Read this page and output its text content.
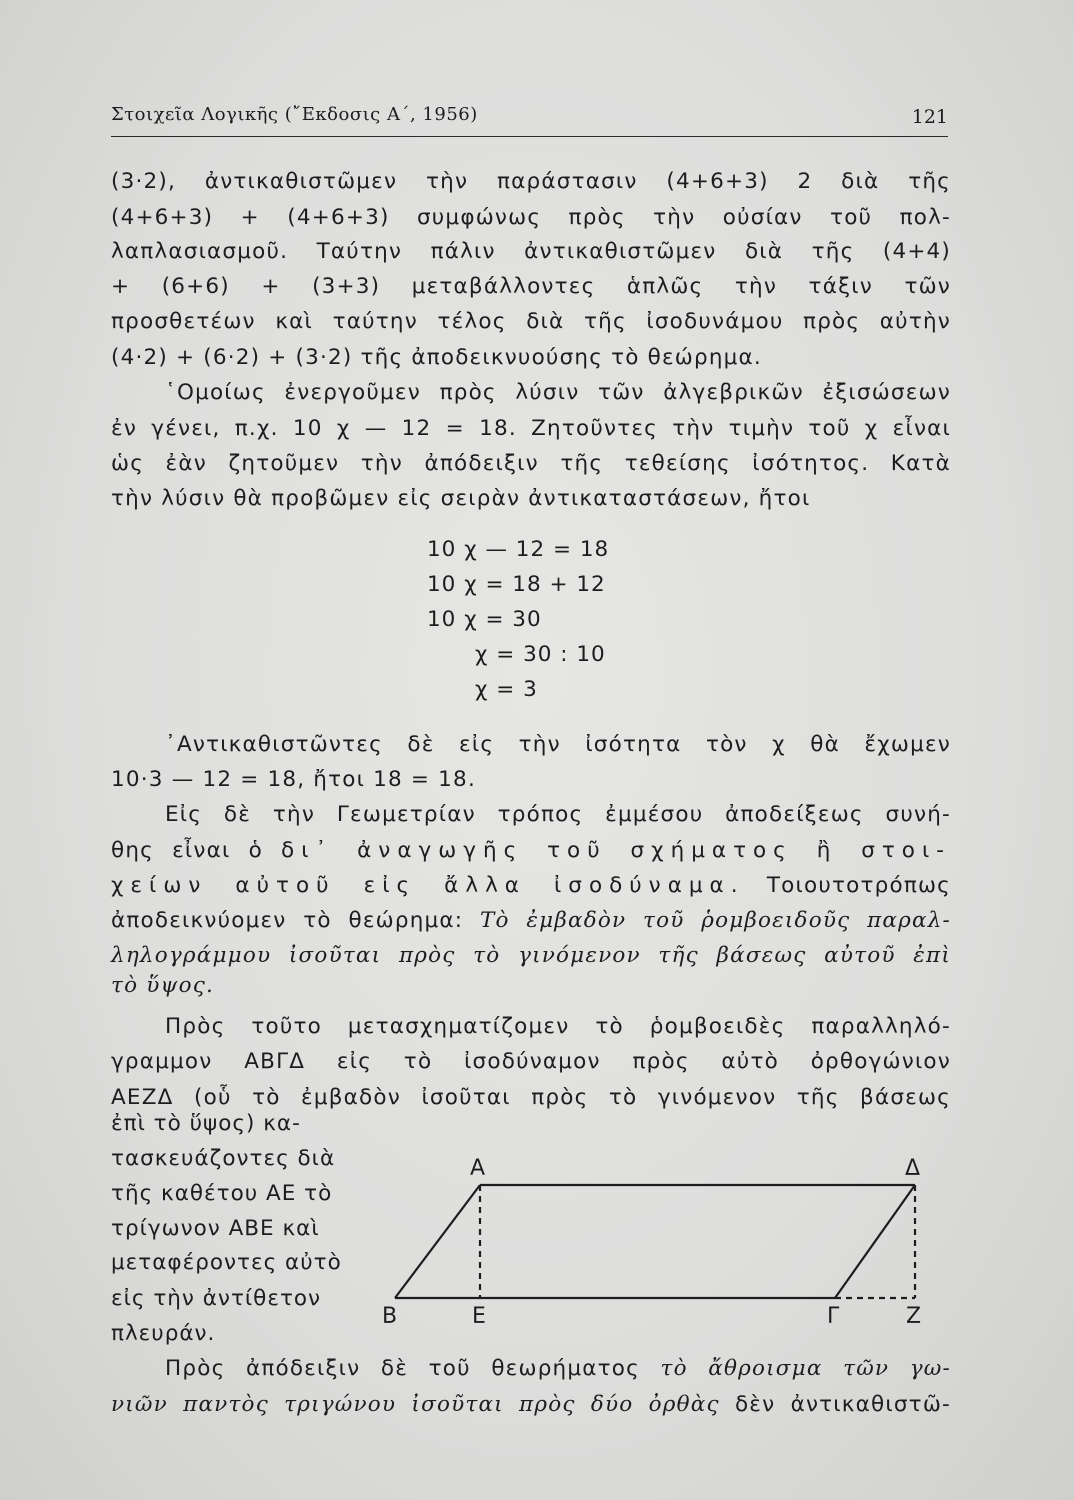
Στοιχεῖα Λογικῆς (῎Εκδοσις Α΄, 1956)	121
(3·2), ἀντικαθιστῶμεν τὴν παράστασιν (4+6+3) 2 διὰ τῆς
(4+6+3) + (4+6+3) συμφώνως πρὸς τὴν οὐσίαν τοῦ πολ-
λαπλασιασμοῦ. Ταύτην πάλιν ἀντικαθιστῶμεν διὰ τῆς (4+4)
+ (6+6) + (3+3) μεταβάλλοντες ἁπλῶς τὴν τάξιν τῶν
προσθετέων καὶ ταύτην τέλος διὰ τῆς ἰσοδυνάμου πρὸς αὐτὴν
(4·2) + (6·2) + (3·2) τῆς ἀποδεικνυούσης τὸ θεώρημα.
῾Ομοίως ἐνεργοῦμεν πρὸς λύσιν τῶν ἀλγεβρικῶν ἐξισώσεων
ἐν γένει, π.χ. 10 χ — 12 = 18. Ζητοῦντες τὴν τιμὴν τοῦ χ εἶναι
ὡς ἐὰν ζητοῦμεν τὴν ἀπόδειξιν τῆς τεθείσης ἰσότητος. Κατὰ
τὴν λύσιν θὰ προβῶμεν εἰς σειρὰν ἀντικαταστάσεων, ἤτοι
10 χ — 12 = 18
10 χ = 18 + 12
10 χ = 30
χ = 30 : 10
χ = 3
᾿Αντικαθιστῶντες δὲ εἰς τὴν ἰσότητα τὸν χ θὰ ἔχωμεν
10·3 — 12 = 18, ἤτοι 18 = 18.
Εἰς δὲ τὴν Γεωμετρίαν τρόπος ἐμμέσου ἀποδείξεως συνή-
θης εἶναι ὁ δι᾿ ἀναγωγῆς τοῦ σχήματος ἢ στοι-
χείων αὐτοῦ εἰς ἄλλα ἰσοδύναμα. Τοιουτοτρόπως
ἀποδεικνύομεν τὸ θεώρημα: Τὸ ἐμβαδὸν τοῦ ῥομβοειδοῦς παραλ-
ληλογράμμου ἰσοῦται πρὸς τὸ γινόμενον τῆς βάσεως αὐτοῦ ἐπὶ
τὸ ὕψος.
Πρὸς τοῦτο μετασχηματίζομεν τὸ ῥομβοειδὲς παραλληλό-
γραμμον ΑΒΓΔ εἰς τὸ ἰσοδύναμον πρὸς αὐτὸ ὀρθογώνιον
ΑΕΖΔ (οὗ τὸ ἐμβαδὸν ἰσοῦται πρὸς τὸ γινόμενον τῆς βάσεως
ἐπὶ τὸ ὕψος) κα-
τασκευάζοντες διὰ
τῆς καθέτου ΑΕ τὸ
τρίγωνον ΑΒΕ καὶ
μεταφέροντες αὐτὸ
εἰς τὴν ἀντίθετον
πλευράν.
Α	Δ
Β	Ε	Γ	Ζ
Πρὸς ἀπόδειξιν δὲ τοῦ θεωρήματος τὸ ἄθροισμα τῶν γω-
νιῶν παντὸς τριγώνου ἰσοῦται πρὸς δύο ὀρθὰς δὲν ἀντικαθιστῶ-
